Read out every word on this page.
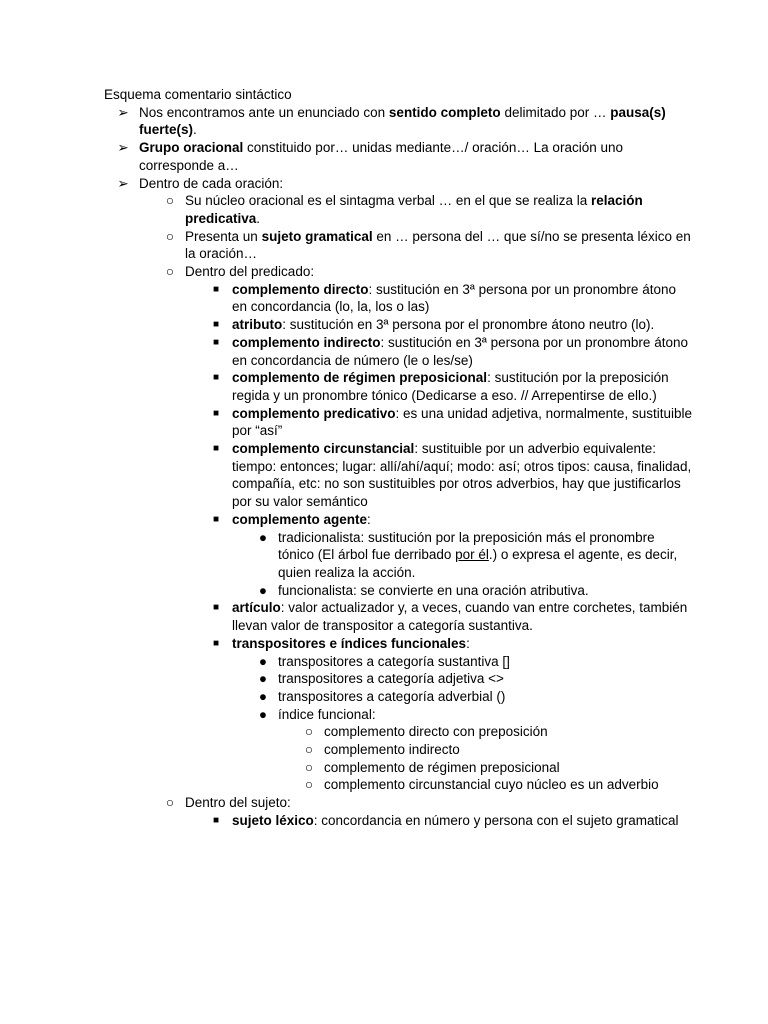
Esquema comentario sintáctico
➢ Nos encontramos ante un enunciado con sentido completo delimitado por … pausa(s) fuerte(s).
➢ Grupo oracional constituido por… unidas mediante…/ oración… La oración uno corresponde a…
➢ Dentro de cada oración:
○ Su núcleo oracional es el sintagma verbal … en el que se realiza la relación predicativa.
○ Presenta un sujeto gramatical en … persona del … que sí/no se presenta léxico en la oración…
○ Dentro del predicado:
■ complemento directo: sustitución en 3ª persona por un pronombre átono en concordancia (lo, la, los o las)
■ atributo: sustitución en 3ª persona por el pronombre átono neutro (lo).
■ complemento indirecto: sustitución en 3ª persona por un pronombre átono en concordancia de número (le o les/se)
■ complemento de régimen preposicional: sustitución por la preposición regida y un pronombre tónico (Dedicarse a eso. // Arrepentirse de ello.)
■ complemento predicativo: es una unidad adjetiva, normalmente, sustituible por “así”
■ complemento circunstancial: sustituible por un adverbio equivalente: tiempo: entonces; lugar: allí/ahí/aquí; modo: así; otros tipos: causa, finalidad, compañía, etc: no son sustituibles por otros adverbios, hay que justificarlos por su valor semántico
■ complemento agente:
● tradicionalista: sustitución por la preposición más el pronombre tónico (El árbol fue derribado por él.) o expresa el agente, es decir, quien realiza la acción.
● funcionalista: se convierte en una oración atributiva.
■ artículo: valor actualizador y, a veces, cuando van entre corchetes, también llevan valor de transpositor a categoría sustantiva.
■ transpositores e índices funcionales:
● transpositores a categoría sustantiva []
● transpositores a categoría adjetiva <>
● transpositores a categoría adverbial ()
● índice funcional:
○ complemento directo con preposición
○ complemento indirecto
○ complemento de régimen preposicional
○ complemento circunstancial cuyo núcleo es un adverbio
○ Dentro del sujeto:
■ sujeto léxico: concordancia en número y persona con el sujeto gramatical
